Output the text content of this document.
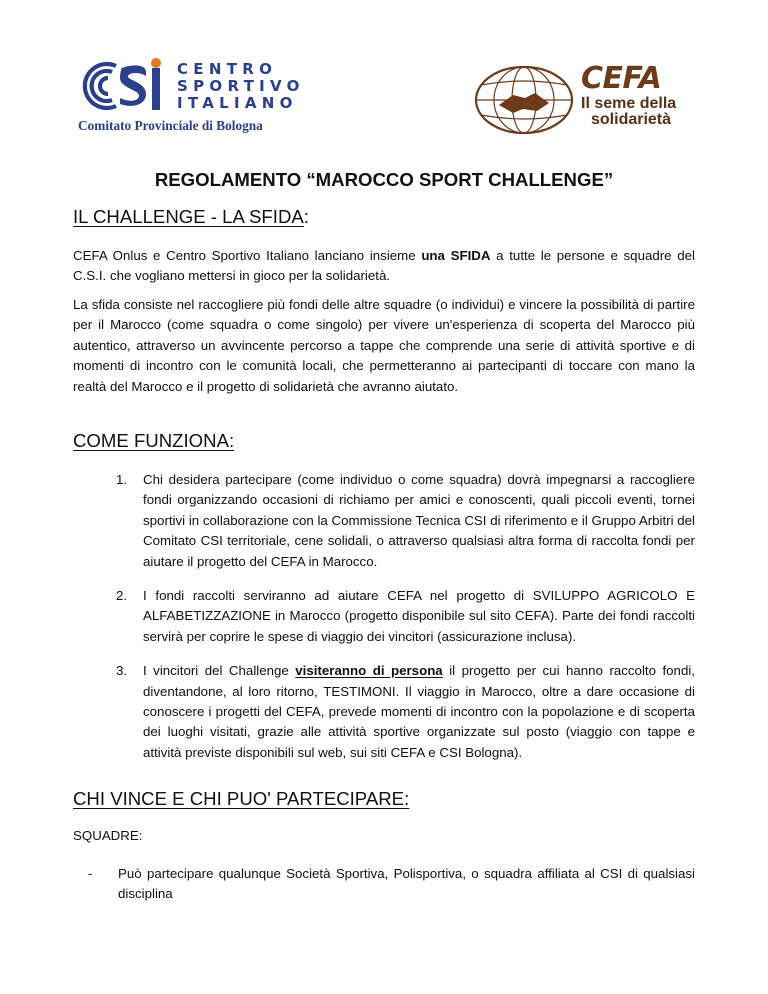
CENTRO
SPORTIVO
ITALIANO
Comitato Provinciale di Bologna
CEFA
Il seme della
solidarietà
REGOLAMENTO “MAROCCO SPORT CHALLENGE”
IL CHALLENGE - LA SFIDA:
CEFA Onlus e Centro Sportivo Italiano lanciano insieme una SFIDA a tutte le persone e squadre del C.S.I. che vogliano mettersi in gioco per la solidarietà.
La sfida consiste nel raccogliere più fondi delle altre squadre (o individui) e vincere la possibilità di partire per il Marocco (come squadra o come singolo) per vivere un'esperienza di scoperta del Marocco più autentico, attraverso un avvincente percorso a tappe che comprende una serie di attività sportive e di momenti di incontro con le comunità locali, che permetteranno ai partecipanti di toccare con mano la realtà del Marocco e il progetto di solidarietà che avranno aiutato.
COME FUNZIONA:
1. Chi desidera partecipare (come individuo o come squadra) dovrà impegnarsi a raccogliere fondi organizzando occasioni di richiamo per amici e conoscenti, quali piccoli eventi, tornei sportivi in collaborazione con la Commissione Tecnica CSI di riferimento e il Gruppo Arbitri del Comitato CSI territoriale, cene solidali, o attraverso qualsiasi altra forma di raccolta fondi per aiutare il progetto del CEFA in Marocco.
2. I fondi raccolti serviranno ad aiutare CEFA nel progetto di SVILUPPO AGRICOLO E ALFABETIZZAZIONE in Marocco (progetto disponibile sul sito CEFA). Parte dei fondi raccolti servirà per coprire le spese di viaggio dei vincitori (assicurazione inclusa).
3. I vincitori del Challenge visiteranno di persona il progetto per cui hanno raccolto fondi, diventandone, al loro ritorno, TESTIMONI. Il viaggio in Marocco, oltre a dare occasione di conoscere i progetti del CEFA, prevede momenti di incontro con la popolazione e di scoperta dei luoghi visitati, grazie alle attività sportive organizzate sul posto (viaggio con tappe e attività previste disponibili sul web, sui siti CEFA e CSI Bologna).
CHI VINCE E CHI PUO' PARTECIPARE:
SQUADRE:
- Può partecipare qualunque Società Sportiva, Polisportiva, o squadra affiliata al CSI di qualsiasi disciplina
